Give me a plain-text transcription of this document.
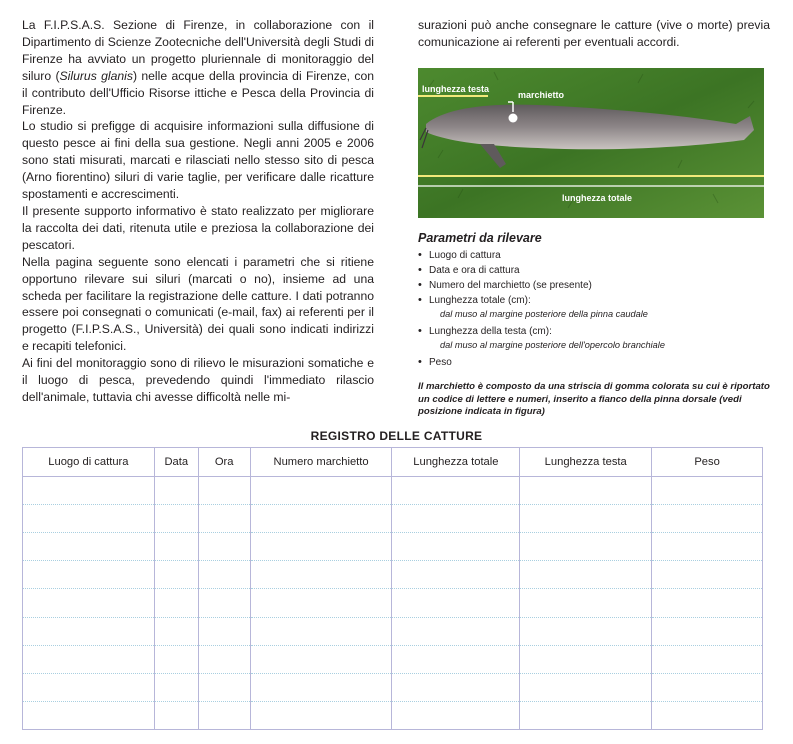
La F.I.P.S.A.S. Sezione di Firenze, in collaborazione con il Dipartimento di Scienze Zootecniche dell'Università degli Studi di Firenze ha avviato un progetto pluriennale di monitoraggio del siluro (Silurus glanis) nelle acque della provincia di Firenze, con il contributo dell'Ufficio Risorse ittiche e Pesca della Provincia di Firenze.

Lo studio si prefigge di acquisire informazioni sulla diffusione di questo pesce ai fini della sua gestione. Negli anni 2005 e 2006 sono stati misurati, marcati e rilasciati nello stesso sito di pesca (Arno fiorentino) siluri di varie taglie, per verificare dalle ricatture spostamenti e accrescimenti.

Il presente supporto informativo è stato realizzato per migliorare la raccolta dei dati, ritenuta utile e preziosa la collaborazione dei pescatori.

Nella pagina seguente sono elencati i parametri che si ritiene opportuno rilevare sui siluri (marcati o no), insieme ad una scheda per facilitare la registrazione delle catture. I dati potranno essere poi consegnati o comunicati (e-mail, fax) ai referenti per il progetto (F.I.P.S.A.S., Università) dei quali sono indicati indirizzi e recapiti telefonici.

Ai fini del monitoraggio sono di rilievo le misurazioni somatiche e il luogo di pesca, prevedendo quindi l'immediato rilascio dell'animale, tuttavia chi avesse difficoltà nelle mi-

surazioni può anche consegnare le catture (vive o morte) previa comunicazione ai referenti per eventuali accordi.

lunghezza testa
marchietto
lunghezza totale

Parametri da rilevare

• Luogo di cattura
• Data e ora di cattura
• Numero del marchietto (se presente)
• Lunghezza totale (cm):
dal muso al margine posteriore della pinna caudale
• Lunghezza della testa (cm):
dal muso al margine posteriore dell'opercolo branchiale
• Peso
Il marchietto è composto da una striscia di gomma colorata su cui è riportato un codice di lettere e numeri, inserito a fianco della pinna dorsale (vedi posizione indicata in figura)
REGISTRO DELLE CATTURE
Luogo di cattura	Data	Ora	Numero marchietto	Lunghezza totale	Lunghezza testa	Peso
